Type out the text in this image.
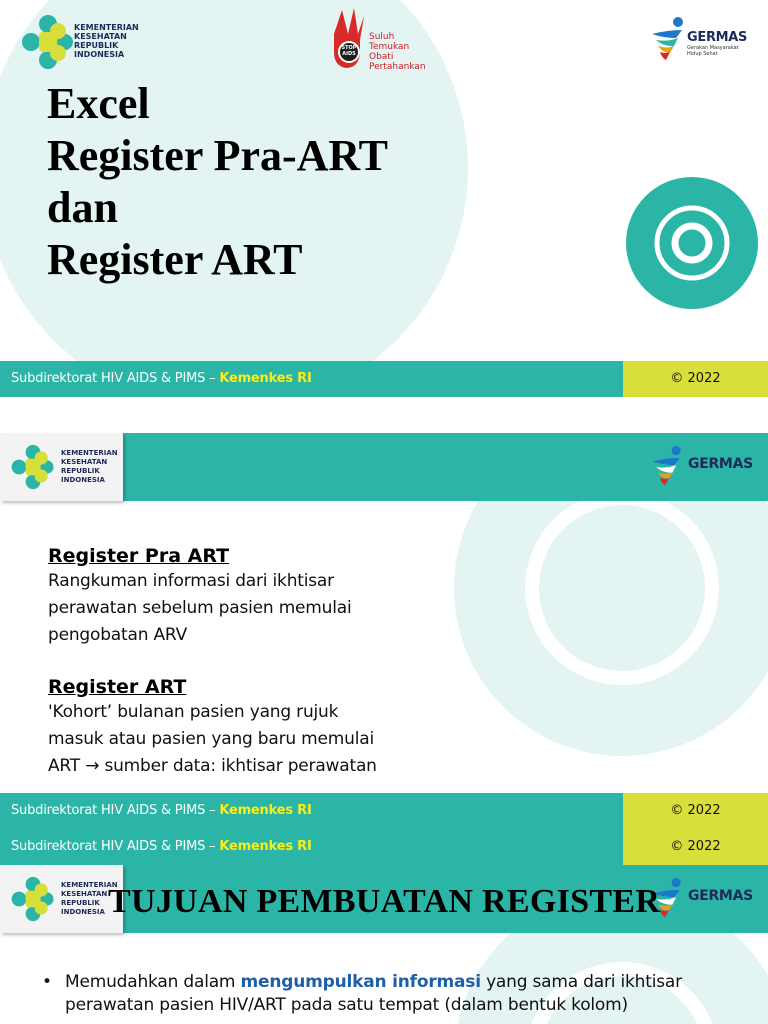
KEMENTERIAN
KESEHATAN
REPUBLIK
INDONESIA
STOP
AIDS
Suluh
Temukan
Obati
Pertahankan
GERMAS
Gerakan Masyarakat
Hidup Sehat
Excel
Register Pra-ART
dan
Register ART
Subdirektorat HIV AIDS & PIMS – Kemenkes RI	© 2022
KEMENTERIAN
KESEHATAN
REPUBLIK
INDONESIA
GERMAS
Register Pra ART
Rangkuman informasi dari ikhtisar
perawatan sebelum pasien memulai
pengobatan ARV
Register ART
'Kohort’ bulanan pasien yang rujuk
masuk atau pasien yang baru memulai
ART → sumber data: ikhtisar perawatan
Subdirektorat HIV AIDS & PIMS – Kemenkes RI	© 2022
KEMENTERIAN
KESEHATAN
REPUBLIK
INDONESIA
GERMAS
TUJUAN PEMBUATAN REGISTER
• Memudahkan dalam mengumpulkan informasi yang sama dari ikhtisar
perawatan pasien HIV/ART pada satu tempat (dalam bentuk kolom)
Subdirektorat HIV AIDS & PIMS – Kemenkes RI	© 2022
